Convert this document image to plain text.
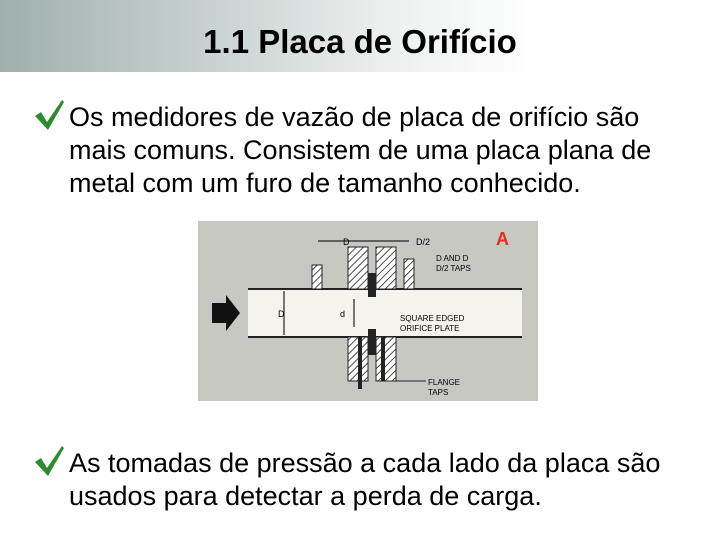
1.1 Placa de Orifício
Os medidores de vazão de placa de orifício são mais comuns. Consistem de uma placa plana de metal com um furo de tamanho conhecido.
D	D/2
D AND D
D/2 TAPS
D	d	SQUARE EDGED
ORIFICE PLATE
FLANGE
TAPS
A
As tomadas de pressão a cada lado da placa são usados para detectar a perda de carga.
